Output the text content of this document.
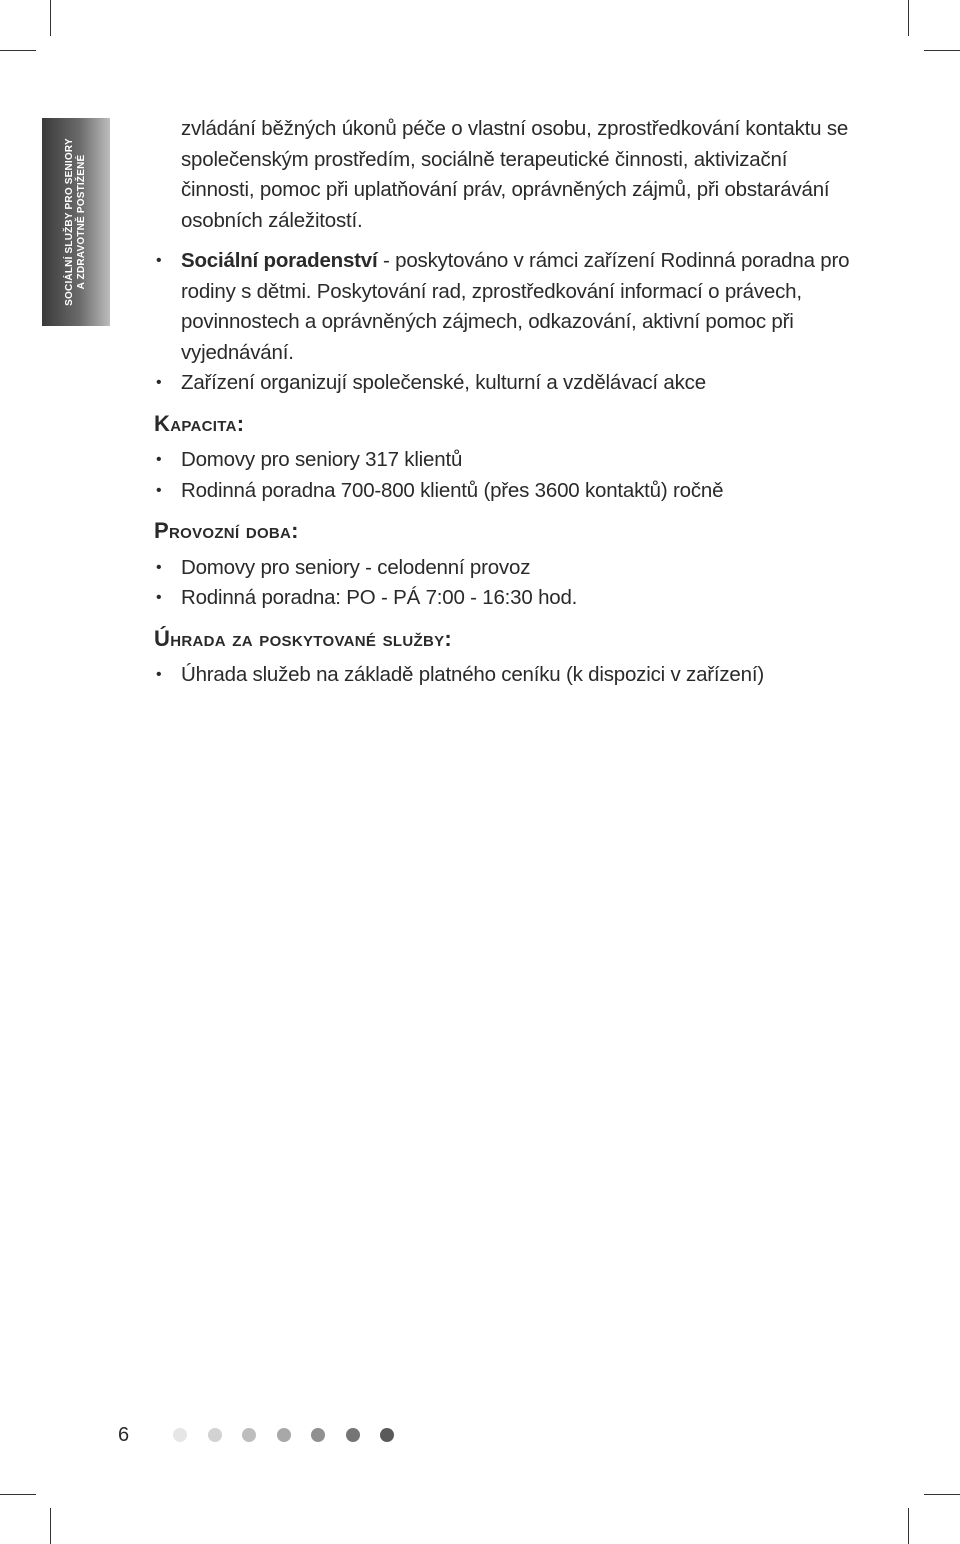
SOCIÁLNÍ SLUŽBY PRO SENIORY A ZDRAVOTNĚ POSTIŽENÉ

zvládání běžných úkonů péče o vlastní osobu, zprostředkování kontaktu se společenským prostředím, sociálně terapeutické činnosti, aktivizační činnosti, pomoc při uplatňování práv, oprávněných zájmů, při obstarávání osobních záležitostí.

• Sociální poradenství - poskytováno v rámci zařízení Rodinná poradna pro rodiny s dětmi. Poskytování rad, zprostředkování informací o právech, povinnostech a oprávněných zájmech, odkazování, aktivní pomoc při vyjednávání.
• Zařízení organizují společenské, kulturní a vzdělávací akce
Kapacita:
• Domovy pro seniory 317 klientů
• Rodinná poradna 700-800 klientů (přes 3600 kontaktů) ročně
Provozní doba:
• Domovy pro seniory - celodenní provoz
• Rodinná poradna: PO - PÁ 7:00 - 16:30 hod.
Úhrada za poskytované služby:
• Úhrada služeb na základě platného ceníku (k dispozici v zařízení)
6
